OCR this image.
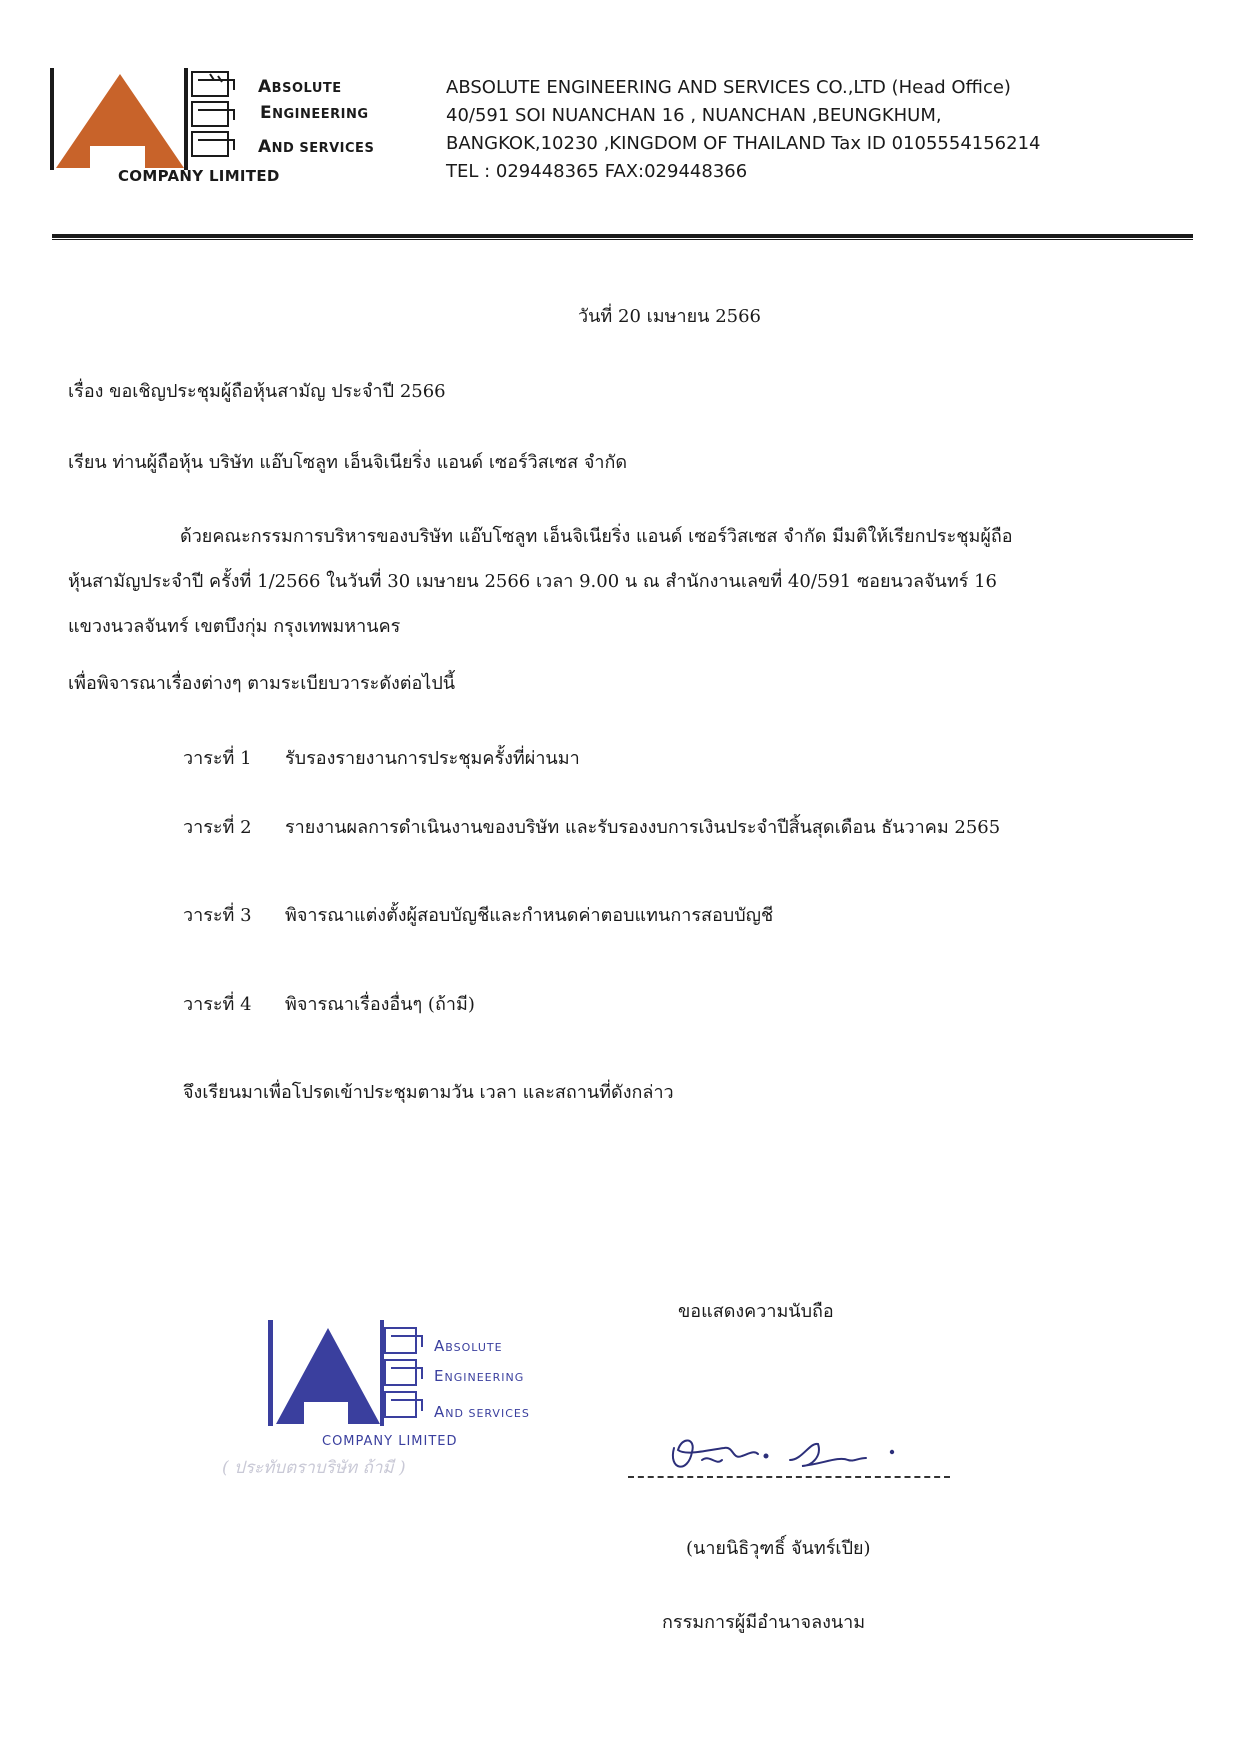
ABSOLUTE
ENGINEERING
AND SERVICES
COMPANY LIMITED
ABSOLUTE ENGINEERING AND SERVICES CO.,LTD (Head Office)
40/591 SOI NUANCHAN 16 , NUANCHAN ,BEUNGKHUM,
BANGKOK,10230 ,KINGDOM OF THAILAND Tax ID 0105554156214
TEL : 029448365 FAX:029448366
วันที่ 20 เมษายน 2566
เรื่อง ขอเชิญประชุมผู้ถือหุ้นสามัญ ประจำปี 2566
เรียน ท่านผู้ถือหุ้น บริษัท แอ๊บโซลูท เอ็นจิเนียริ่ง แอนด์ เซอร์วิสเซส จำกัด
ด้วยคณะกรรมการบริหารของบริษัท แอ๊บโซลูท เอ็นจิเนียริ่ง แอนด์ เซอร์วิสเซส จำกัด มีมติให้เรียกประชุมผู้ถือ
หุ้นสามัญประจำปี ครั้งที่ 1/2566 ในวันที่ 30 เมษายน 2566 เวลา 9.00 น ณ สำนักงานเลขที่ 40/591 ซอยนวลจันทร์ 16
แขวงนวลจันทร์ เขตบึงกุ่ม กรุงเทพมหานคร
เพื่อพิจารณาเรื่องต่างๆ ตามระเบียบวาระดังต่อไปนี้
วาระที่ 1 รับรองรายงานการประชุมครั้งที่ผ่านมา
วาระที่ 2 รายงานผลการดำเนินงานของบริษัท และรับรองงบการเงินประจำปีสิ้นสุดเดือน ธันวาคม 2565
วาระที่ 3 พิจารณาแต่งตั้งผู้สอบบัญชีและกำหนดค่าตอบแทนการสอบบัญชี
วาระที่ 4 พิจารณาเรื่องอื่นๆ (ถ้ามี)
จึงเรียนมาเพื่อโปรดเข้าประชุมตามวัน เวลา และสถานที่ดังกล่าว
ขอแสดงความนับถือ
ABSOLUTE
ENGINEERING
AND SERVICES
COMPANY LIMITED
( ประทับตราบริษัท ถ้ามี )
(นายนิธิวุฑธิ์ จันทร์เปีย)
กรรมการผู้มีอำนาจลงนาม
